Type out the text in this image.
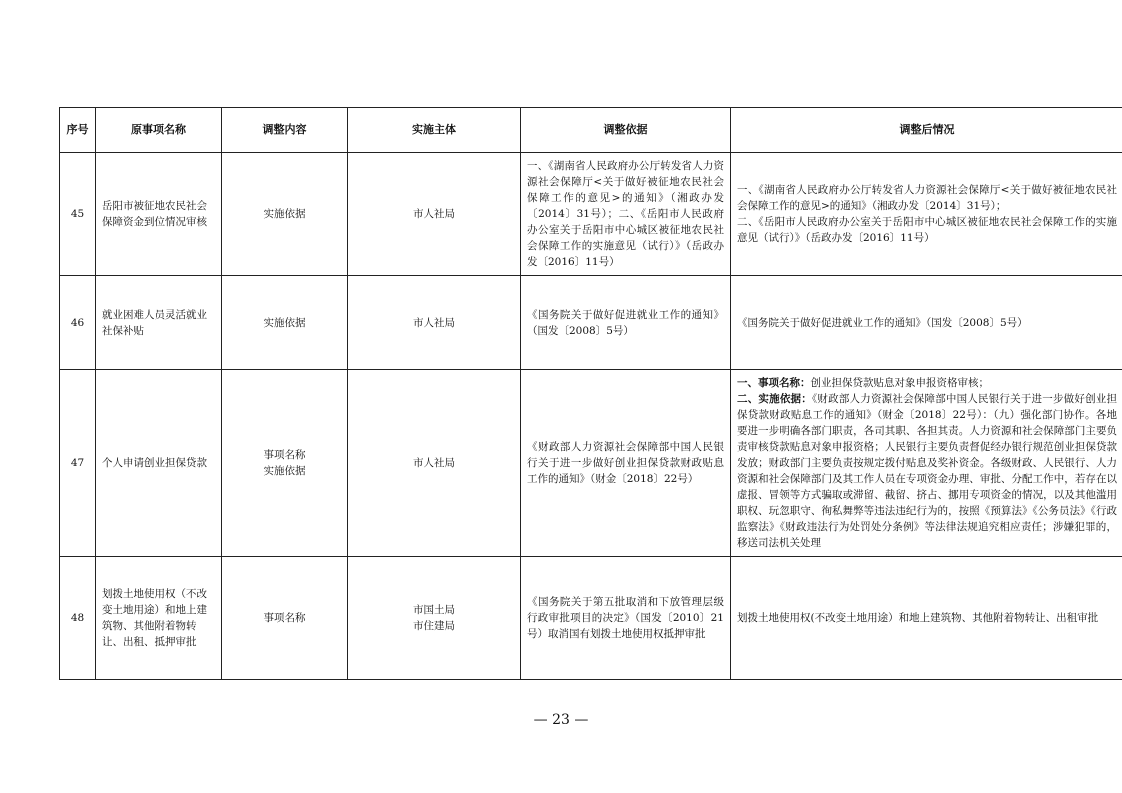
序号	原事项名称	调整内容	实施主体	调整依据	调整后情况
45	岳阳市被征地农民社会保障资金到位情况审核	实施依据	市人社局	一、《湖南省人民政府办公厅转发省人力资源社会保障厅<关于做好被征地农民社会保障工作的意见>的通知》（湘政办发〔2014〕31号）；二、《岳阳市人民政府办公室关于岳阳市中心城区被征地农民社会保障工作的实施意见（试行）》（岳政办发〔2016〕11号）	一、《湖南省人民政府办公厅转发省人力资源社会保障厅<关于做好被征地农民社会保障工作的意见>的通知》（湘政办发〔2014〕31号）；
二、《岳阳市人民政府办公室关于岳阳市中心城区被征地农民社会保障工作的实施意见（试行）》（岳政办发〔2016〕11号）

46	就业困难人员灵活就业社保补贴	实施依据	市人社局	《国务院关于做好促进就业工作的通知》（国发〔2008〕5号）	《国务院关于做好促进就业工作的通知》（国发〔2008〕5号）
47	个人申请创业担保贷款	事项名称
实施依据	市人社局	《财政部人力资源社会保障部中国人民银行关于进一步做好创业担保贷款财政贴息工作的通知》（财金〔2018〕22号）	一、事项名称：创业担保贷款贴息对象申报资格审核；
二、实施依据：《财政部人力资源社会保障部中国人民银行关于进一步做好创业担保贷款财政贴息工作的通知》（财金〔2018〕22号）：（九）强化部门协作。各地要进一步明确各部门职责，各司其职、各担其责。人力资源和社会保障部门主要负责审核贷款贴息对象申报资格；人民银行主要负责督促经办银行规范创业担保贷款发放；财政部门主要负责按规定拨付贴息及奖补资金。各级财政、人民银行、人力资源和社会保障部门及其工作人员在专项资金办理、审批、分配工作中，若存在以虚报、冒领等方式骗取或滞留、截留、挤占、挪用专项资金的情况，以及其他滥用职权、玩忽职守、徇私舞弊等违法违纪行为的，按照《预算法》《公务员法》《行政监察法》《财政违法行为处罚处分条例》等法律法规追究相应责任；涉嫌犯罪的，移送司法机关处理

48	划拨土地使用权（不改变土地用途）和地上建筑物、其他附着物转让、出租、抵押审批	事项名称	市国土局
市住建局	《国务院关于第五批取消和下放管理层级行政审批项目的决定》（国发〔2010〕21号）取消国有划拨土地使用权抵押审批	划拨土地使用权(不改变土地用途）和地上建筑物、其他附着物转让、出租审批
— 23 —
